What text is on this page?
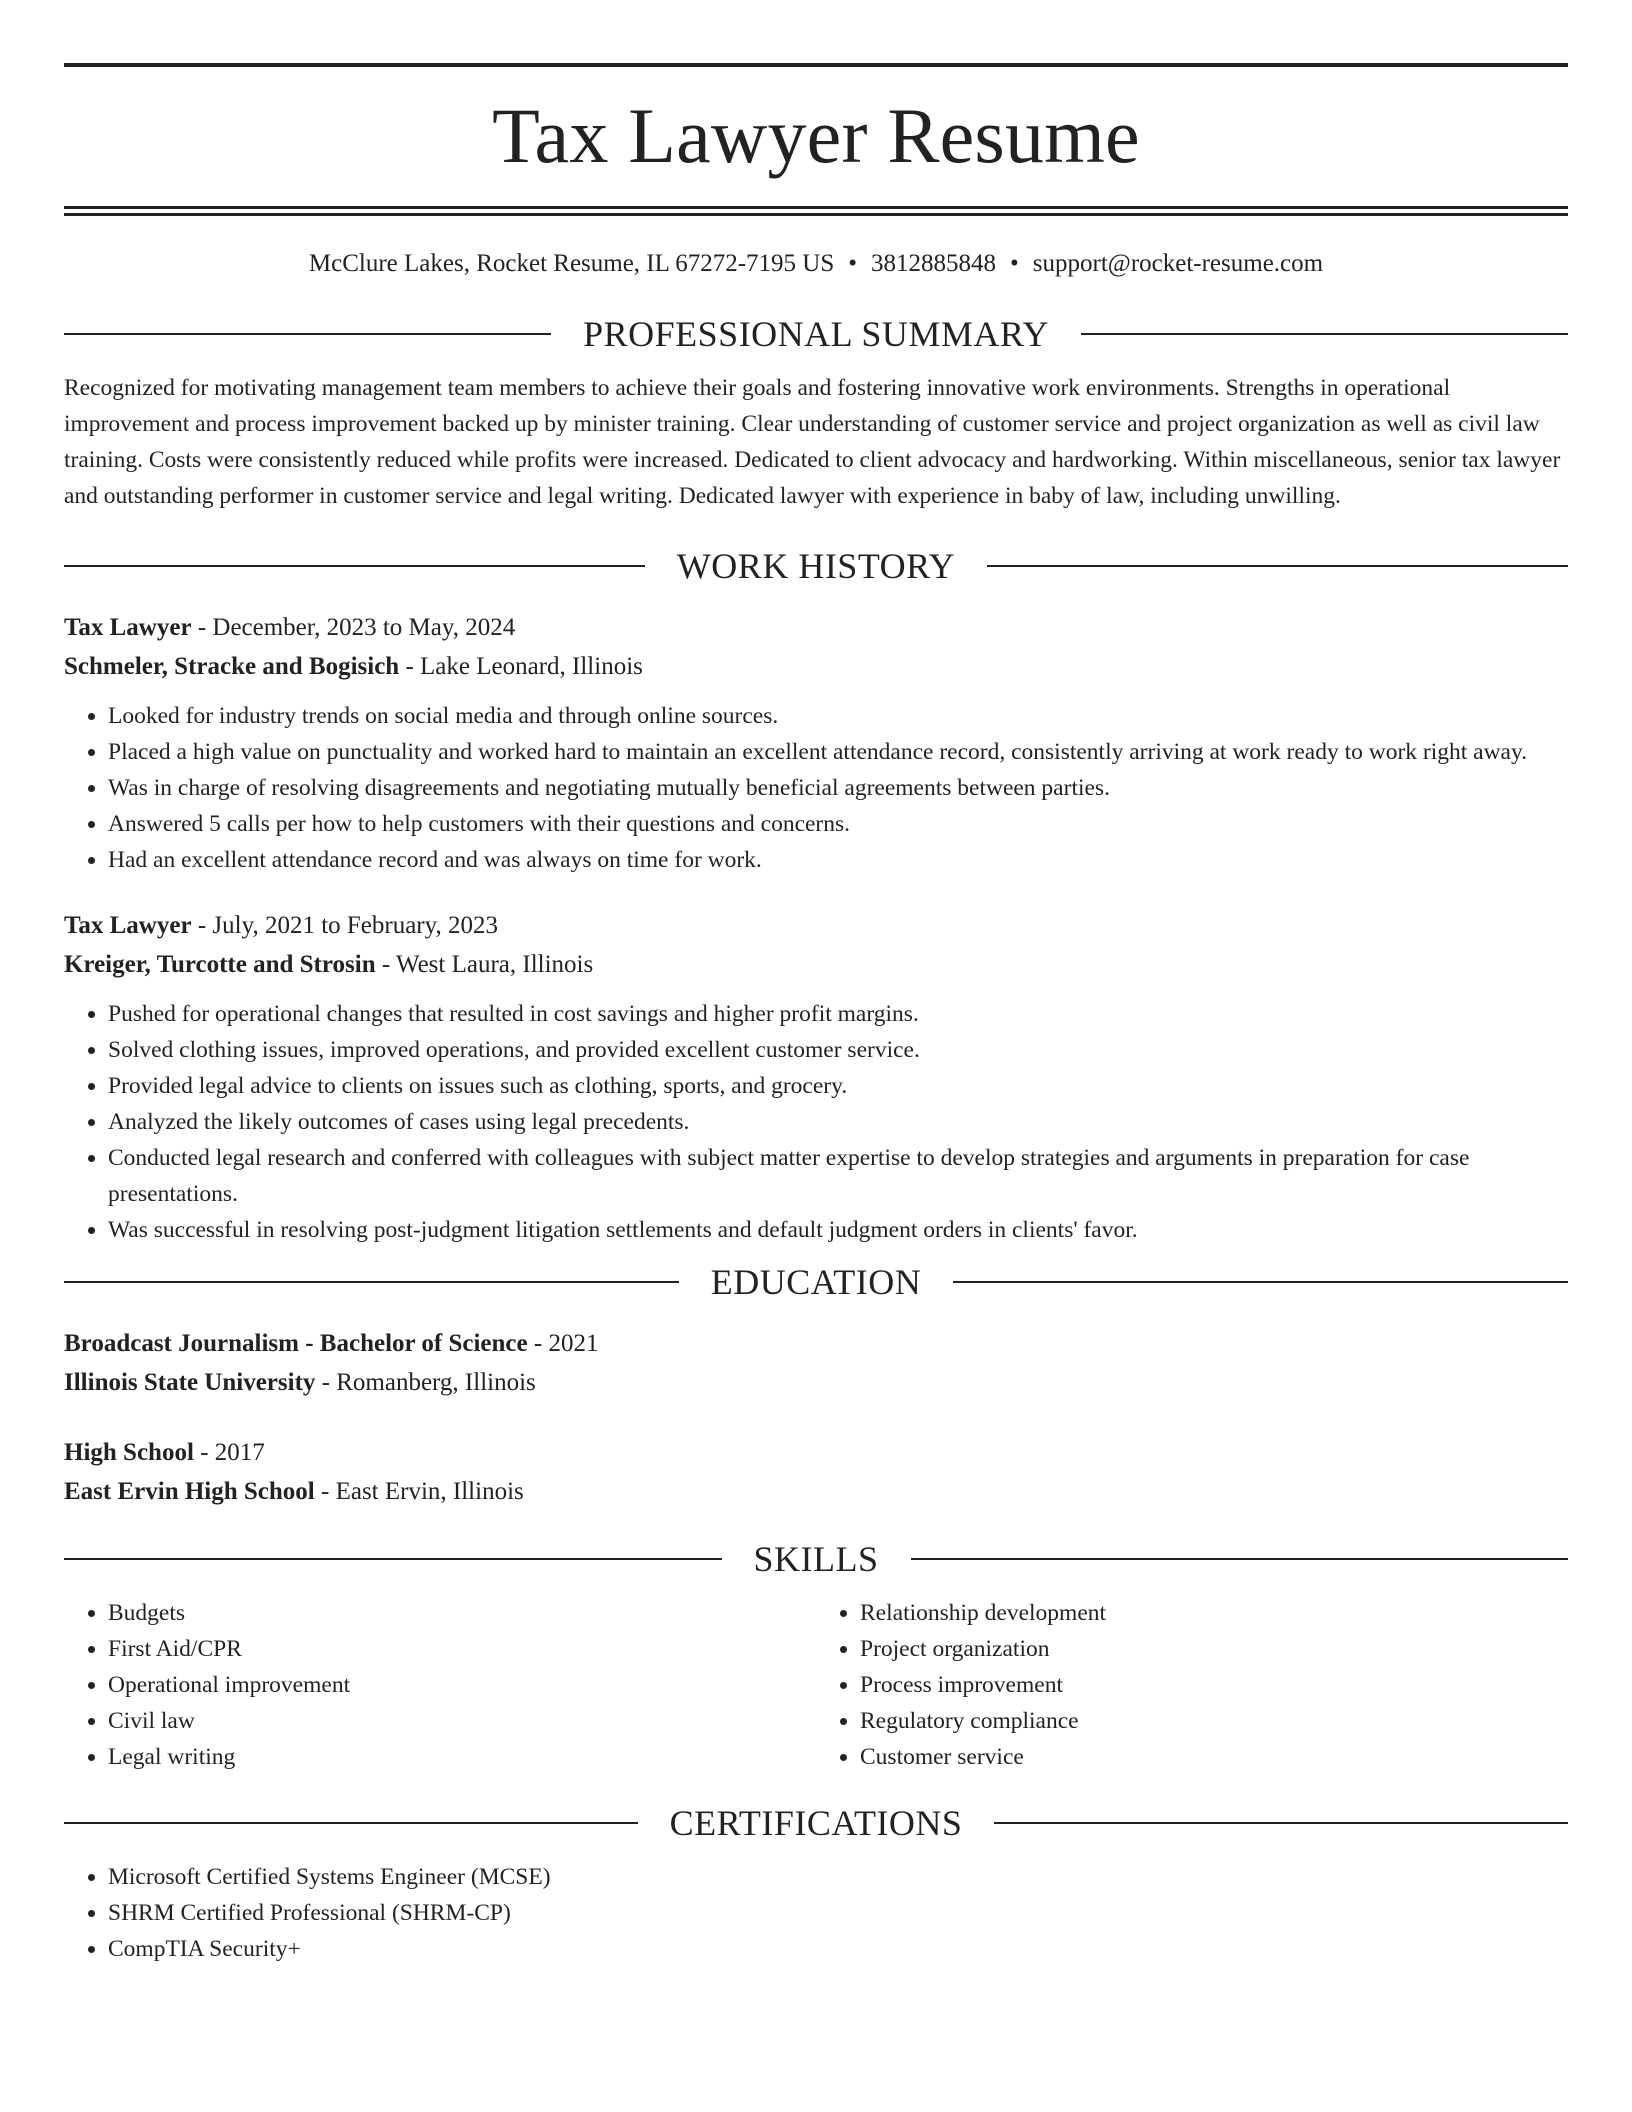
Tax Lawyer Resume
McClure Lakes, Rocket Resume, IL 67272-7195 US • 3812885848 • support@rocket-resume.com
PROFESSIONAL SUMMARY

Recognized for motivating management team members to achieve their goals and fostering innovative work environments. Strengths in operational improvement and process improvement backed up by minister training. Clear understanding of customer service and project organization as well as civil law training. Costs were consistently reduced while profits were increased. Dedicated to client advocacy and hardworking. Within miscellaneous, senior tax lawyer and outstanding performer in customer service and legal writing. Dedicated lawyer with experience in baby of law, including unwilling.

WORK HISTORY
Tax Lawyer - December, 2023 to May, 2024
Schmeler, Stracke and Bogisich - Lake Leonard, Illinois
• Looked for industry trends on social media and through online sources.
• Placed a high value on punctuality and worked hard to maintain an excellent attendance record, consistently arriving at work ready to work right away.
• Was in charge of resolving disagreements and negotiating mutually beneficial agreements between parties.
• Answered 5 calls per how to help customers with their questions and concerns.
• Had an excellent attendance record and was always on time for work.
Tax Lawyer - July, 2021 to February, 2023
Kreiger, Turcotte and Strosin - West Laura, Illinois
• Pushed for operational changes that resulted in cost savings and higher profit margins.
• Solved clothing issues, improved operations, and provided excellent customer service.
• Provided legal advice to clients on issues such as clothing, sports, and grocery.
• Analyzed the likely outcomes of cases using legal precedents.
• Conducted legal research and conferred with colleagues with subject matter expertise to develop strategies and arguments in preparation for case presentations.
• Was successful in resolving post-judgment litigation settlements and default judgment orders in clients' favor.
EDUCATION
Broadcast Journalism - Bachelor of Science - 2021
Illinois State University - Romanberg, Illinois
High School - 2017
East Ervin High School - East Ervin, Illinois
SKILLS
• Budgets
• First Aid/CPR
• Operational improvement
• Civil law
• Legal writing
• Relationship development
• Project organization
• Process improvement
• Regulatory compliance
• Customer service
CERTIFICATIONS
• Microsoft Certified Systems Engineer (MCSE)
• SHRM Certified Professional (SHRM-CP)
• CompTIA Security+
